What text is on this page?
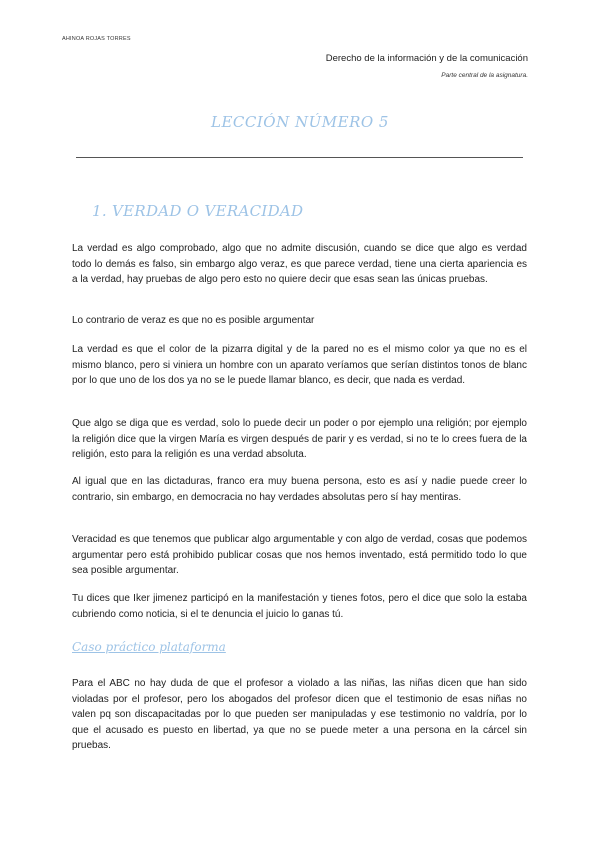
AHINOA ROJAS TORRES
Derecho de la información y de la comunicación
Parte central de la asignatura.
LECCIÓN NÚMERO 5
1. VERDAD O VERACIDAD
La verdad es algo comprobado, algo que no admite discusión, cuando se dice que algo es verdad todo lo demás es falso, sin embargo algo veraz, es que parece verdad, tiene una cierta apariencia es a la verdad, hay pruebas de algo pero esto no quiere decir que esas sean las únicas pruebas.
Lo contrario de veraz es que no es posible argumentar
La verdad es que el color de la pizarra digital y de la pared no es el mismo color ya que no es el mismo blanco, pero si viniera un hombre con un aparato veríamos que serían distintos tonos de blanc por lo que uno de los dos ya no se le puede llamar blanco, es decir, que nada es verdad.
Que algo se diga que es verdad, solo lo puede decir un poder o por ejemplo una religión; por ejemplo la religión dice que la virgen María es virgen después de parir y es verdad, si no te lo crees fuera de la religión, esto para la religión es una verdad absoluta.
Al igual que en las dictaduras, franco era muy buena persona, esto es así y nadie puede creer lo contrario, sin embargo, en democracia no hay verdades absolutas pero sí hay mentiras.
Veracidad es que tenemos que publicar algo argumentable y con algo de verdad, cosas que podemos argumentar pero está prohibido publicar cosas que nos hemos inventado, está permitido todo lo que sea posible argumentar.
Tu dices que Iker jimenez participó en la manifestación y tienes fotos, pero el dice que solo la estaba cubriendo como noticia, si el te denuncia el juicio lo ganas tú.
Caso práctico plataforma
Para el ABC no hay duda de que el profesor a violado a las niñas, las niñas dicen que han sido violadas por el profesor, pero los abogados del profesor dicen que el testimonio de esas niñas no valen pq son discapacitadas por lo que pueden ser manipuladas y ese testimonio no valdría, por lo que el acusado es puesto en libertad, ya que no se puede meter a una persona en la cárcel sin pruebas.
